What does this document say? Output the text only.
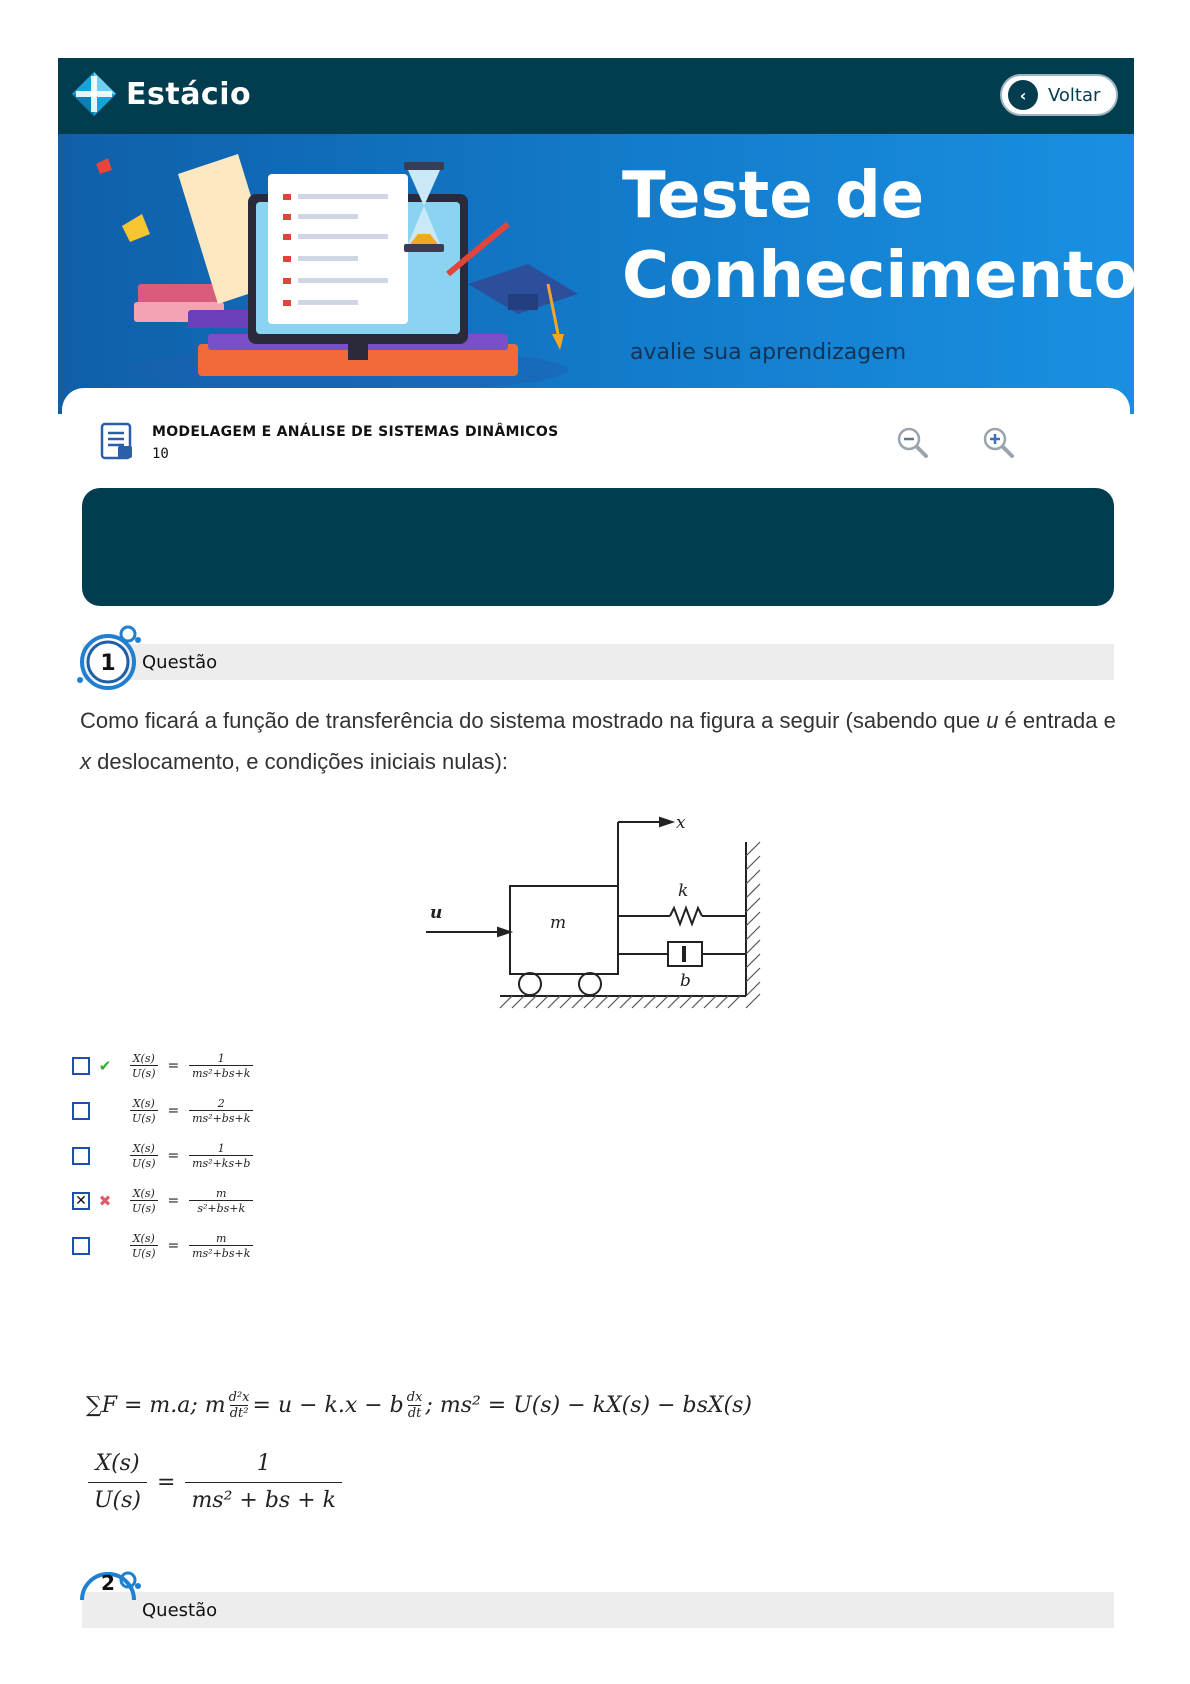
Estácio	‹	Voltar
Teste de
Conhecimento
avalie sua aprendizagem
MODELAGEM E ANÁLISE DE SISTEMAS DINÂMICOS
10
1 Questão
Como ficará a função de transferência do sistema mostrado na figura a seguir (sabendo que u é entrada e x deslocamento, e condições iniciais nulas):
x
u	m
k
b
✔	$\frac{X(s)}{U(s)} = \frac{1}{\text{ms²+bs+k}}$
$\frac{X(s)}{U(s)} = \frac{2}{\text{ms²+bs+k}}$
$\frac{X(s)}{U(s)} = \frac{1}{\text{ms²+ks+b}}$
✕ ✖	$\frac{X(s)}{U(s)} = \frac{m}{\text{s²+bs+k}}$
$\frac{X(s)}{U(s)} = \frac{m}{\text{ms²+bs+k}}$
∑F = m.a; m $\frac{\text{d²x}}{\text{dt²}} = u - k.x - b \frac{dx}{dt}$ ; ms² = U(s) − kX(s) − bsX(s)
$\frac{X(s)}{U(s)} = \frac{1}{\text{ms² + bs + k}}$
2
Questão
